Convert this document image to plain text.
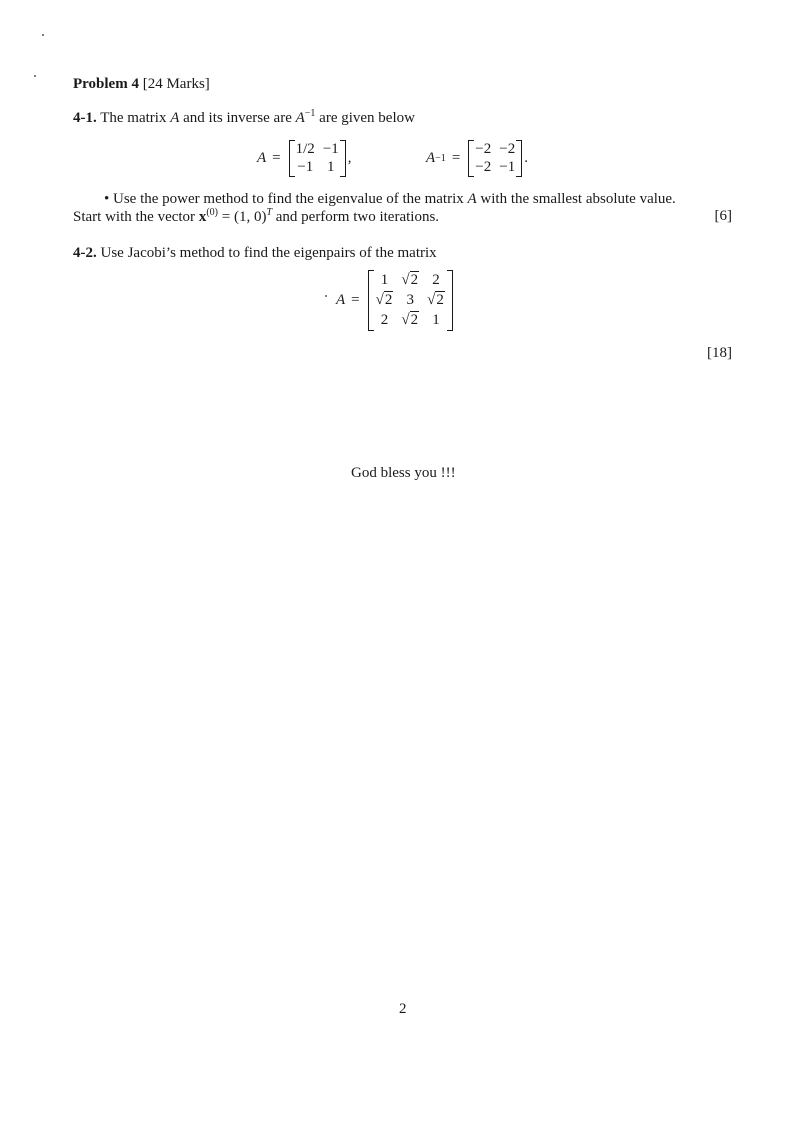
Problem 4 [24 Marks]
4-1. The matrix A and its inverse are $A^{-1}$ are given below
A =
1/2 −1
−1 1
,	A −1 =
−2 −2
−2 −1
.
• Use the power method to find the eigenvalue of the matrix A with the smallest absolute value.
Start with the vector $x^{(0)} = (1$, 0)$^T$ and perform two iterations.	[6]
4-2. Use Jacobi’s method to find the eigenpairs of the matrix
A =
1 √2 2
√2 3 √2
2 √2 1
[18]
God bless you !!!
2
